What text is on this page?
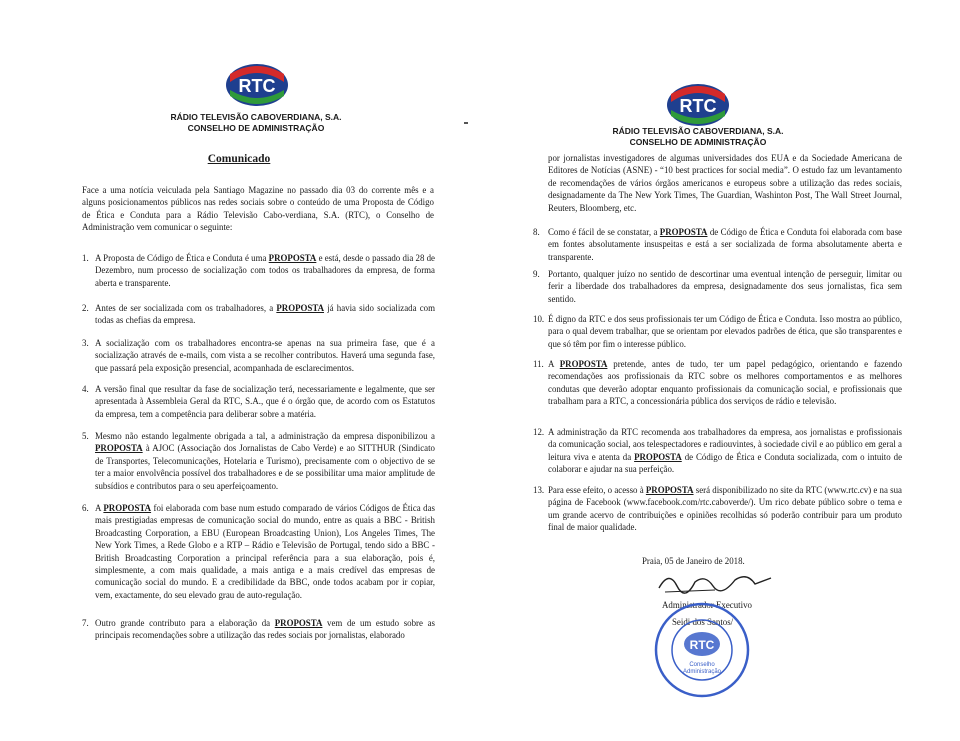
RTC
RÁDIO TELEVISÃO CABOVERDIANA, S.A.
CONSELHO DE ADMINISTRAÇÃO
Comunicado

Face a uma notícia veiculada pela Santiago Magazine no passado dia 03 do corrente mês e a alguns posicionamentos públicos nas redes sociais sobre o conteúdo de uma Proposta de Código de Ética e Conduta para a Rádio Televisão Cabo-verdiana, S.A. (RTC), o Conselho de Administração vem comunicar o seguinte:

1. A Proposta de Código de Ética e Conduta é uma PROPOSTA e está, desde o passado dia 28 de Dezembro, num processo de socialização com todos os trabalhadores da empresa, de forma aberta e transparente.

2. Antes de ser socializada com os trabalhadores, a PROPOSTA já havia sido socializada com todas as chefias da empresa.

3. A socialização com os trabalhadores encontra-se apenas na sua primeira fase, que é a socialização através de e-mails, com vista a se recolher contributos. Haverá uma segunda fase, que passará pela exposição presencial, acompanhada de esclarecimentos.

4. A versão final que resultar da fase de socialização terá, necessariamente e legalmente, que ser apresentada à Assembleia Geral da RTC, S.A., que é o órgão que, de acordo com os Estatutos da empresa, tem a competência para deliberar sobre a matéria.

5. Mesmo não estando legalmente obrigada a tal, a administração da empresa disponibilizou a PROPOSTA à AJOC (Associação dos Jornalistas de Cabo Verde) e ao SITTHUR (Sindicato de Transportes, Telecomunicações, Hotelaria e Turismo), precisamente com o objectivo de se ter a maior envolvência possível dos trabalhadores e de se possibilitar uma maior amplitude de subsídios e contributos para o seu aperfeiçoamento.

6. A PROPOSTA foi elaborada com base num estudo comparado de vários Códigos de Ética das mais prestigiadas empresas de comunicação social do mundo, entre as quais a BBC - British Broadcasting Corporation, a EBU (European Broadcasting Union), Los Angeles Times, The New York Times, a Rede Globo e a RTP – Rádio e Televisão de Portugal, tendo sido a BBC - British Broadcasting Corporation a principal referência para a sua elaboração, pois é, simplesmente, a com mais qualidade, a mais antiga e a mais credível das empresas de comunicação social do mundo. E a credibilidade da BBC, onde todos acabam por ir copiar, vem, exactamente, do seu elevado grau de auto-regulação.

7. Outro grande contributo para a elaboração da PROPOSTA vem de um estudo sobre as principais recomendações sobre a utilização das redes sociais por jornalistas, elaborado

RTC
RÁDIO TELEVISÃO CABOVERDIANA, S.A.
CONSELHO DE ADMINISTRAÇÃO

por jornalistas investigadores de algumas universidades dos EUA e da Sociedade Americana de Editores de Notícias (ASNE) - “10 best practices for social media”. O estudo faz um levantamento de recomendações de vários órgãos americanos e europeus sobre a utilização das redes sociais, designadamente da The New York Times, The Guardian, Washinton Post, The Wall Street Journal, Reuters, Bloomberg, etc.

8. Como é fácil de se constatar, a PROPOSTA de Código de Ética e Conduta foi elaborada com base em fontes absolutamente insuspeitas e está a ser socializada de forma absolutamente aberta e transparente.

9. Portanto, qualquer juízo no sentido de descortinar uma eventual intenção de perseguir, limitar ou ferir a liberdade dos trabalhadores da empresa, designadamente dos seus jornalistas, fica sem sentido.

10. É digno da RTC e dos seus profissionais ter um Código de Ética e Conduta. Isso mostra ao público, para o qual devem trabalhar, que se orientam por elevados padrões de ética, que são transparentes e que só têm por fim o interesse público.

11. A PROPOSTA pretende, antes de tudo, ter um papel pedagógico, orientando e fazendo recomendações aos profissionais da RTC sobre os melhores comportamentos e as melhores condutas que deverão adoptar enquanto profissionais da comunicação social, e profissionais que trabalham para a RTC, a concessionária pública dos serviços de rádio e televisão.

12. A administração da RTC recomenda aos trabalhadores da empresa, aos jornalistas e profissionais da comunicação social, aos telespectadores e radiouvintes, à sociedade civil e ao público em geral a leitura viva e atenta da PROPOSTA de Código de Ética e Conduta socializada, com o intuito de colaborar e ajudar na sua perfeição.

13. Para esse efeito, o acesso à PROPOSTA será disponibilizado no site da RTC (www.rtc.cv) e na sua página de Facebook (www.facebook.com/rtc.caboverde/). Um rico debate público sobre o tema e um grande acervo de contribuições e opiniões recolhidas só poderão contribuir para um produto final de maior qualidade.

Praia, 05 de Janeiro de 2018.
Administrador Executivo
Seidi dos Santos/
RTC
Conselho
Administração
